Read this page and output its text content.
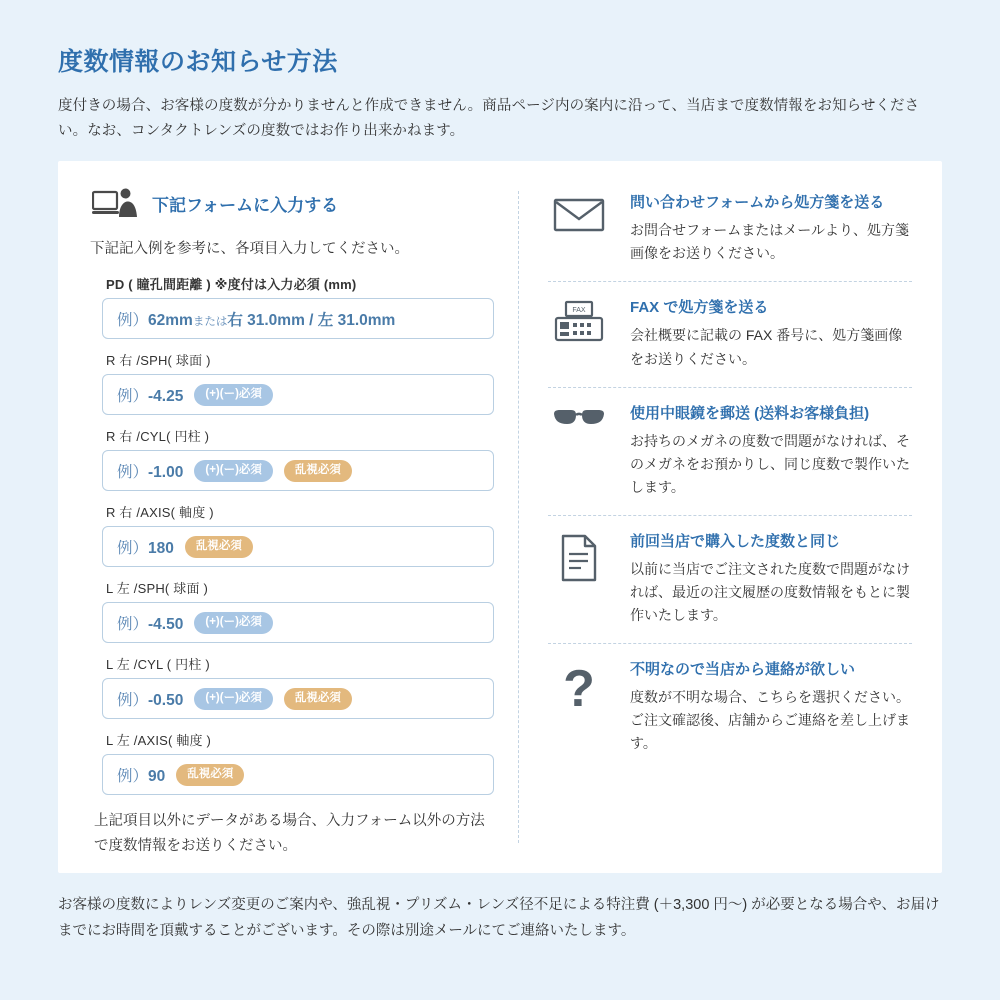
度数情報のお知らせ方法

度付きの場合、お客様の度数が分かりませんと作成できません。商品ページ内の案内に沿って、当店まで度数情報をお知らせください。なお、コンタクトレンズの度数ではお作り出来かねます。

下記フォームに入力する

下記記入例を参考に、各項目入力してください。

PD ( 瞳孔間距離 ) ※度付は入力必須 (mm)
例）62mmまたは右 31.0mm / 左 31.0mm
R 右 /SPH( 球面 )
例）-4.25	(+)(ー)必須
R 右 /CYL( 円柱 )
例）-1.00	(+)(ー)必須	乱視必須
R 右 /AXIS( 軸度 )
例）180	乱視必須
L 左 /SPH( 球面 )
例）-4.50	(+)(ー)必須
L 左 /CYL ( 円柱 )
例）-0.50	(+)(ー)必須	乱視必須
L 左 /AXIS( 軸度 )
例）90	乱視必須

上記項目以外にデータがある場合、入力フォーム以外の方法で度数情報をお送りください。

問い合わせフォームから処方箋を送る

お問合せフォームまたはメールより、処方箋画像をお送りください。

FAX	FAX で処方箋を送る

会社概要に記載の FAX 番号に、処方箋画像をお送りください。

使用中眼鏡を郵送 (送料お客様負担)

お持ちのメガネの度数で問題がなければ、そのメガネをお預かりし、同じ度数で製作いたします。

前回当店で購入した度数と同じ

以前に当店でご注文された度数で問題がなければ、最近の注文履歴の度数情報をもとに製作いたします。

? 不明なので当店から連絡が欲しい

度数が不明な場合、こちらを選択ください。ご注文確認後、店舗からご連絡を差し上げます。

お客様の度数によりレンズ変更のご案内や、強乱視・プリズム・レンズ径不足による特注費 (＋3,300 円〜) が必要となる場合や、お届けまでにお時間を頂戴することがございます。その際は別途メールにてご連絡いたします。
